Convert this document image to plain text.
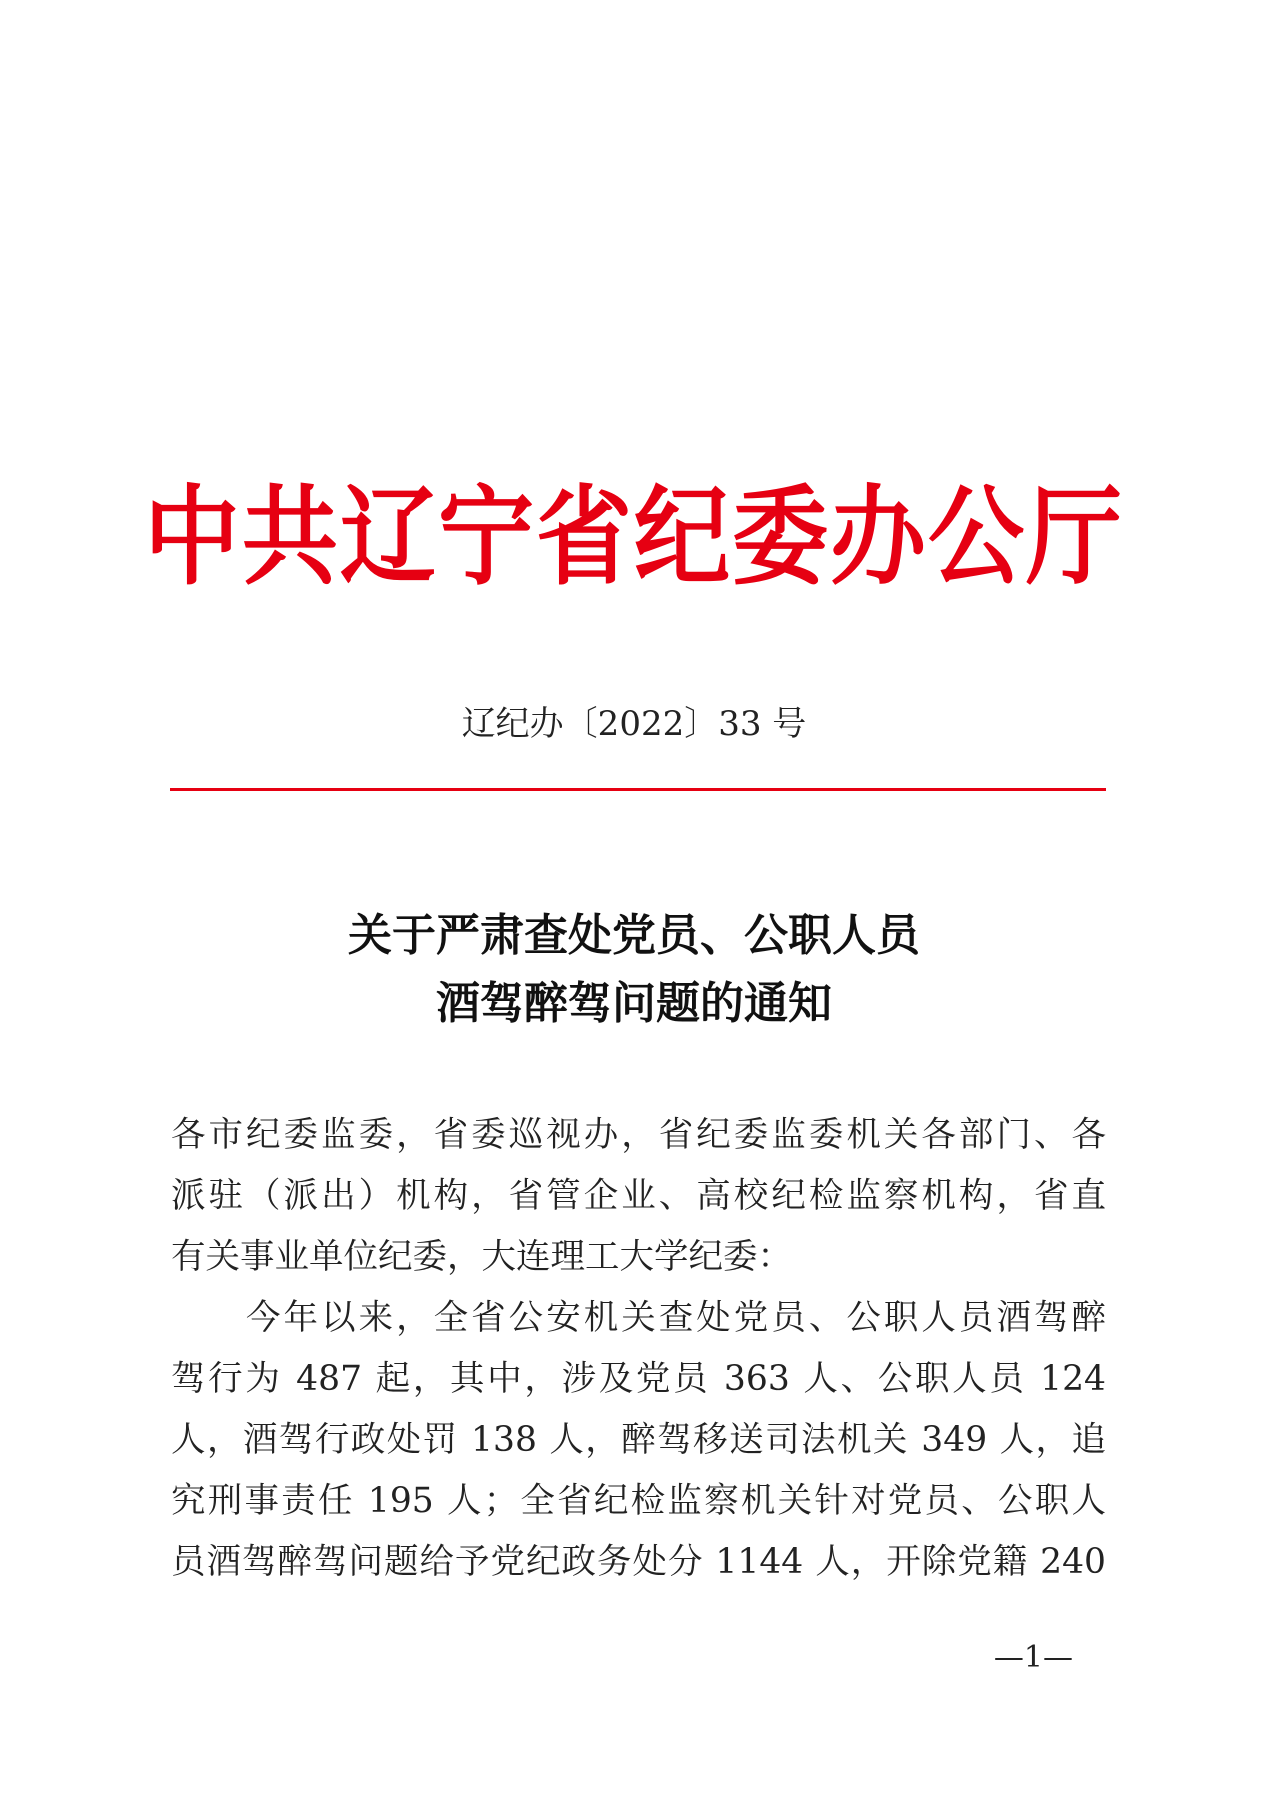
中共辽宁省纪委办公厅
辽纪办〔2022〕33 号
关于严肃查处党员、公职人员
酒驾醉驾问题的通知
各市纪委监委，省委巡视办，省纪委监委机关各部门、各
派驻（派出）机构，省管企业、高校纪检监察机构，省直
有关事业单位纪委，大连理工大学纪委：
　　今年以来，全省公安机关查处党员、公职人员酒驾醉
驾行为 487 起，其中，涉及党员 363 人、公职人员 124
人，酒驾行政处罚 138 人，醉驾移送司法机关 349 人，追
究刑事责任 195 人；全省纪检监察机关针对党员、公职人
员酒驾醉驾问题给予党纪政务处分 1144 人，开除党籍 240
—1—
